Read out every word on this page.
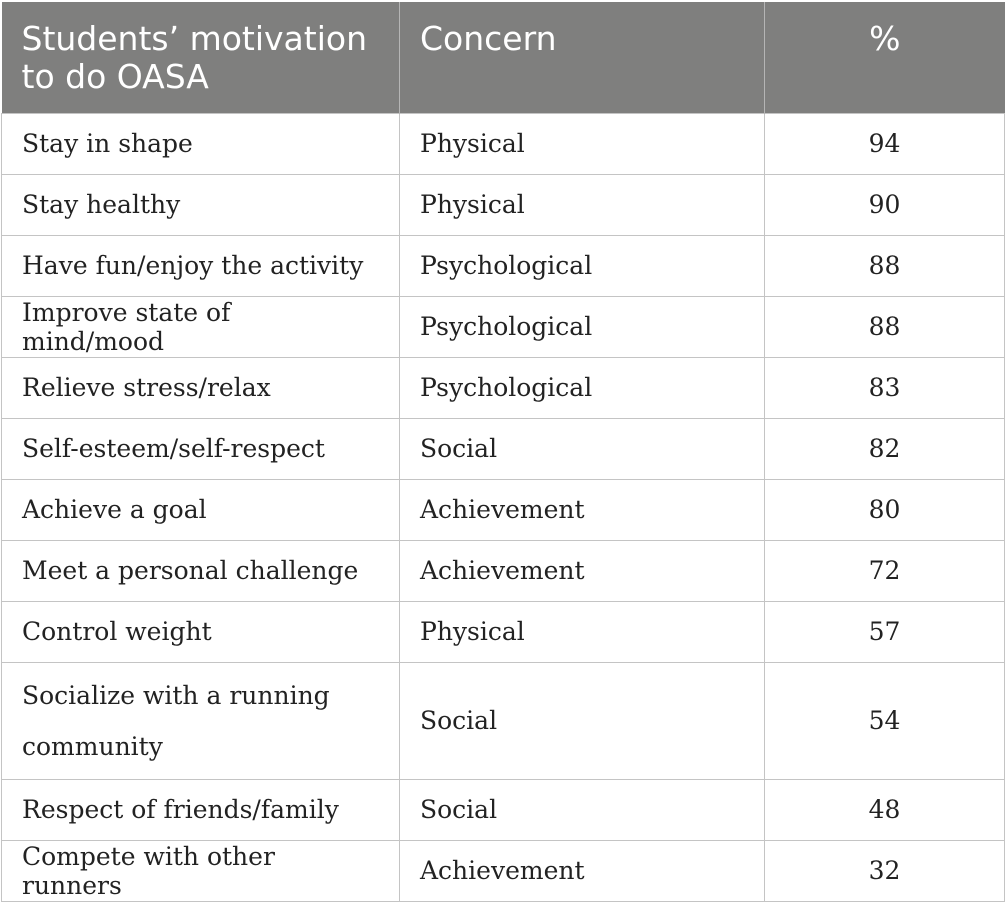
Students’ motivation to do OASA	Concern	%
Stay in shape	Physical	94
Stay healthy	Physical	90
Have fun/enjoy the activity	Psychological	88
Improve state of mind/mood	Psychological	88
Relieve stress/relax	Psychological	83
Self-esteem/self-respect	Social	82
Achieve a goal	Achievement	80
Meet a personal challenge	Achievement	72
Control weight	Physical	57
Socialize with a running community	Social	54
Respect of friends/family	Social	48
Compete with other runners	Achievement	32
